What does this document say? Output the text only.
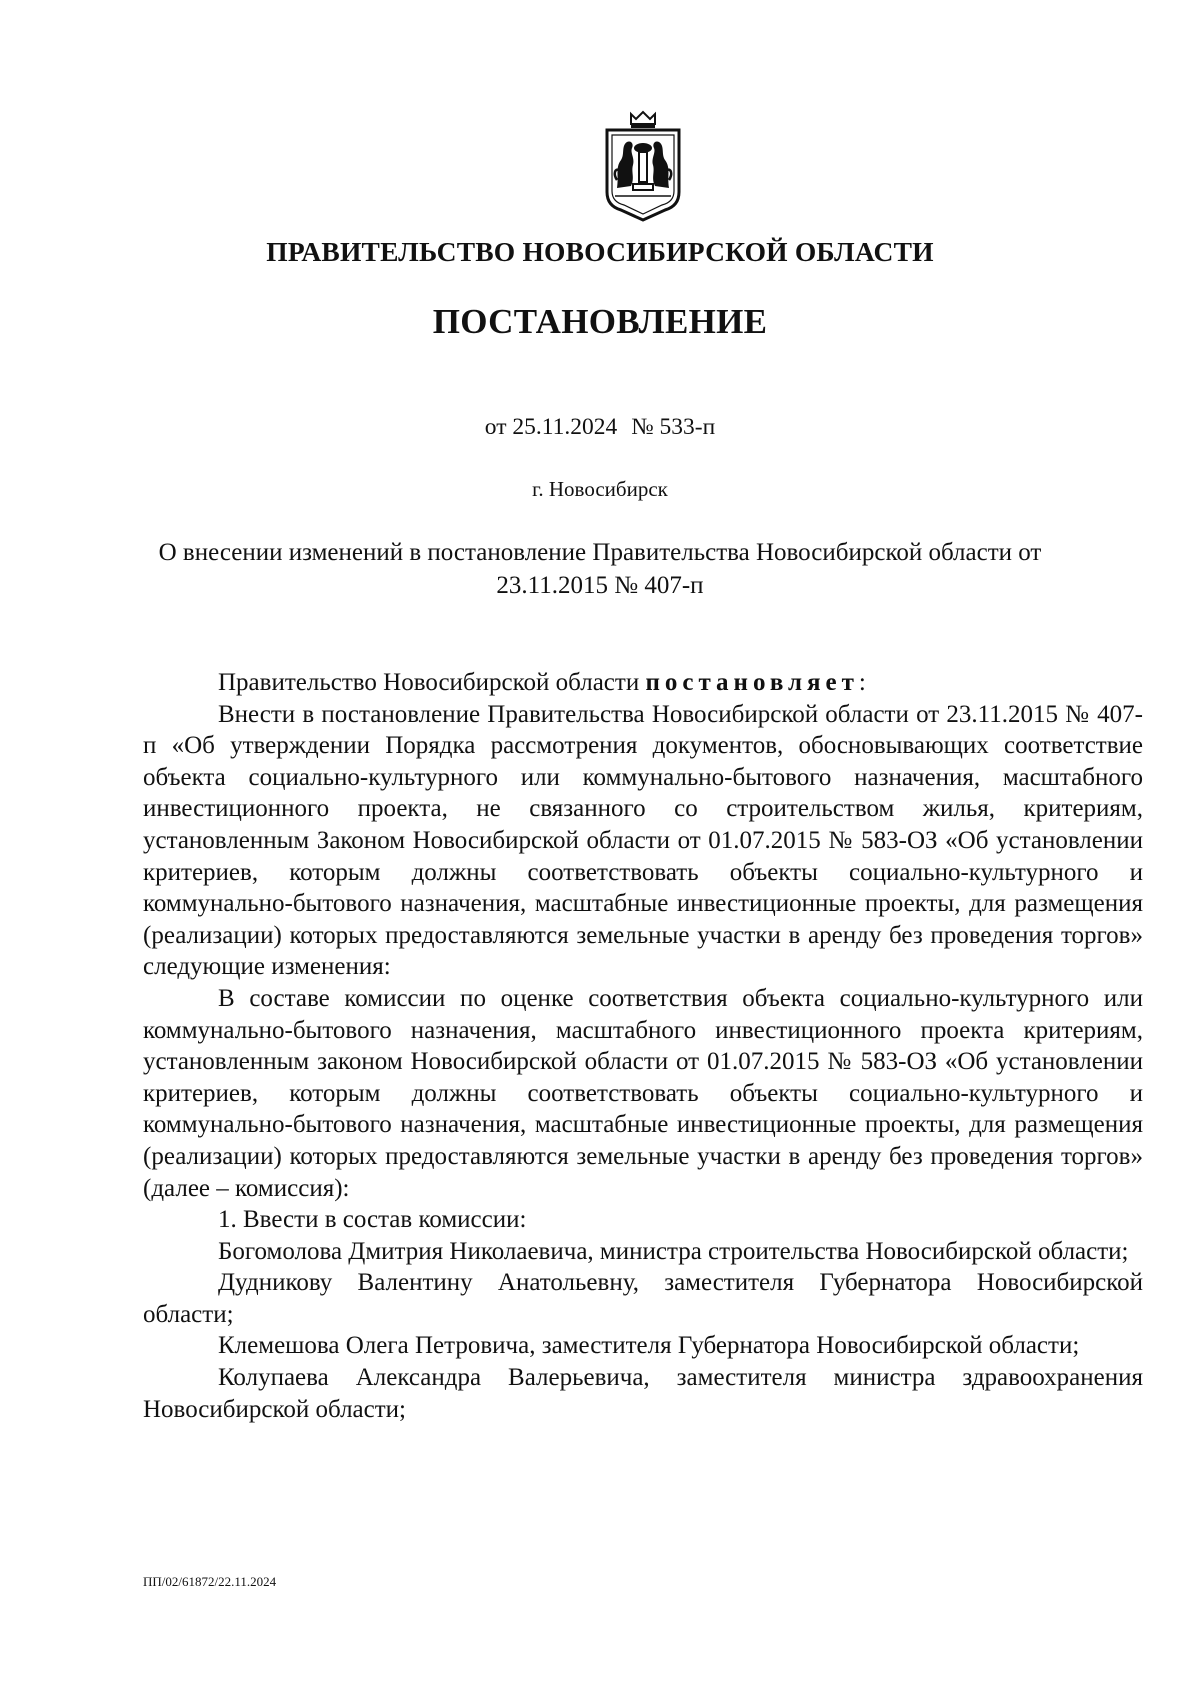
ПРАВИТЕЛЬСТВО НОВОСИБИРСКОЙ ОБЛАСТИ
ПОСТАНОВЛЕНИЕ
от 25.11.2024 № 533-п
г. Новосибирск
О внесении изменений в постановление Правительства Новосибирской области от 23.11.2015 № 407-п

Правительство Новосибирской области постановляет:

Внести в постановление Правительства Новосибирской области от 23.11.2015 № 407-п «Об утверждении Порядка рассмотрения документов, обосновывающих соответствие объекта социально-культурного или коммунально-бытового назначения, масштабного инвестиционного проекта, не связанного со строительством жилья, критериям, установленным Законом Новосибирской области от 01.07.2015 № 583-ОЗ «Об установлении критериев, которым должны соответствовать объекты социально-культурного и коммунально-бытового назначения, масштабные инвестиционные проекты, для размещения (реализации) которых предоставляются земельные участки в аренду без проведения торгов» следующие изменения:

В составе комиссии по оценке соответствия объекта социально-культурного или коммунально-бытового назначения, масштабного инвестиционного проекта критериям, установленным законом Новосибирской области от 01.07.2015 № 583-ОЗ «Об установлении критериев, которым должны соответствовать объекты социально-культурного и коммунально-бытового назначения, масштабные инвестиционные проекты, для размещения (реализации) которых предоставляются земельные участки в аренду без проведения торгов» (далее – комиссия):

1. Ввести в состав комиссии:

Богомолова Дмитрия Николаевича, министра строительства Новосибирской области;

Дудникову Валентину Анатольевну, заместителя Губернатора Новосибирской области;

Клемешова Олега Петровича, заместителя Губернатора Новосибирской области;

Колупаева Александра Валерьевича, заместителя министра здравоохранения Новосибирской области;

ПП/02/61872/22.11.2024
